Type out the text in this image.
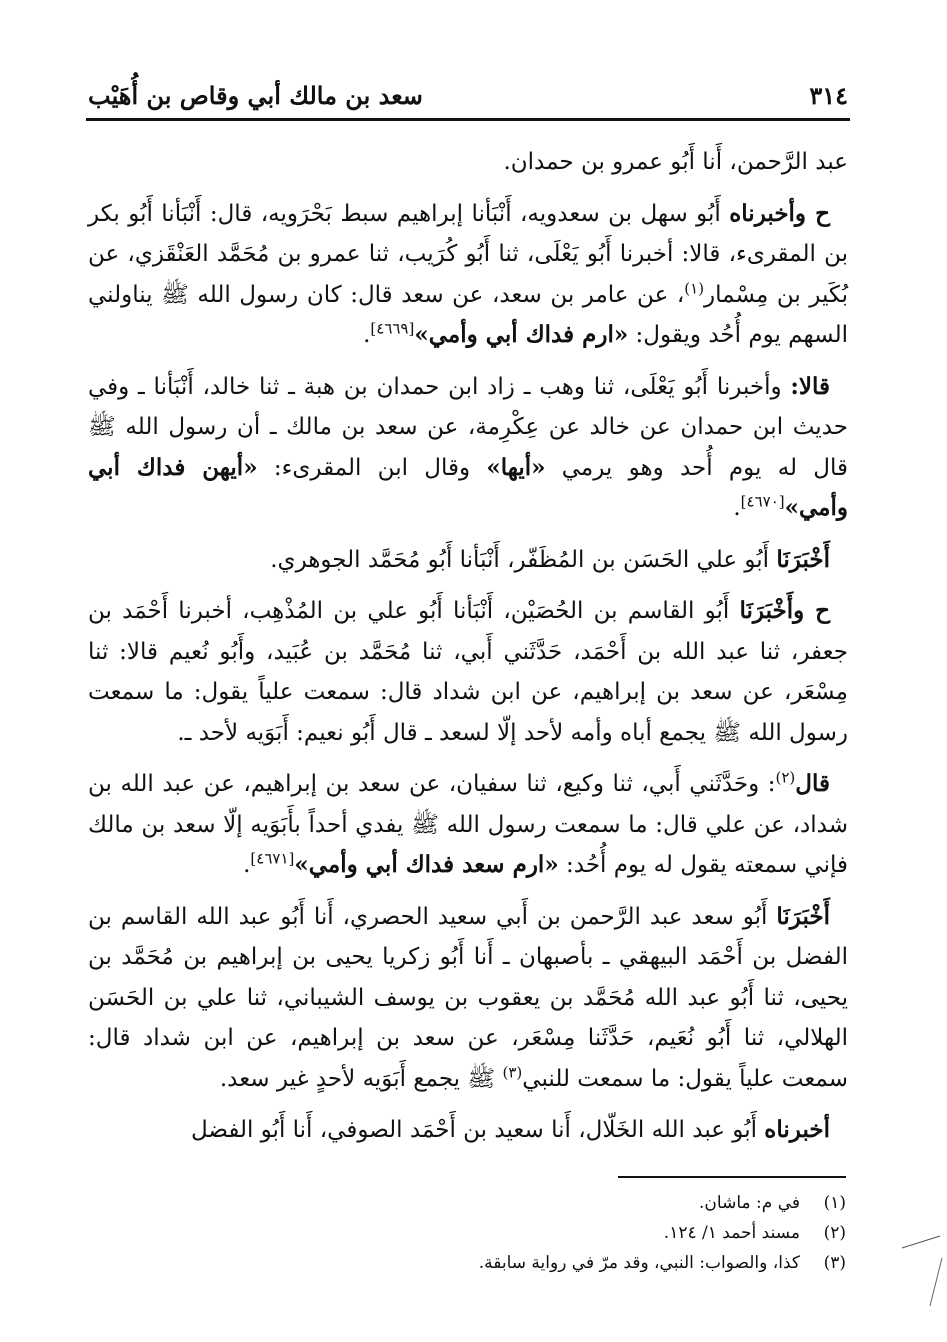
٣١٤
سعد بن مالك أبي وقاص بن أُهَيْب

عبد الرَّحمن، أَنا أَبُو عمرو بن حمدان.

ح وأخبرناه أَبُو سهل بن سعدويه، أَنْبَأنا إبراهيم سبط بَحْرَويه، قال: أَنْبَأنا أَبُو بكر بن المقرىء، قالا: أخبرنا أَبُو يَعْلَى، ثنا أَبُو كُرَيب، ثنا عمرو بن مُحَمَّد العَنْقَزي، عن بُكَير بن مِسْمار$^{(١)}$، عن عامر بن سعد، عن سعد قال: كان رسول الله ﷺ يناولني السهم يوم أُحُد ويقول: «ارم فداك أبي وأمي»[٤٦٦٩].

قالا: وأخبرنا أَبُو يَعْلَى، ثنا وهب ـ زاد ابن حمدان بن هبة ـ ثنا خالد، أَنْبَأنا ـ وفي حديث ابن حمدان عن خالد عن عِكْرِمة، عن سعد بن مالك ـ أن رسول الله ﷺ قال له يوم أُحد وهو يرمي «أيها» وقال ابن المقرىء: «أيهن فداك أبي وأمي»[٤٦٧٠].

أَخْبَرَنَا أَبُو علي الحَسَن بن المُظَفّر، أَنْبَأنا أَبُو مُحَمَّد الجوهري.

ح وأَخْبَرَنَا أَبُو القاسم بن الحُصَيْن، أَنْبَأنا أَبُو علي بن المُذْهِب، أخبرنا أَحْمَد بن جعفر، ثنا عبد الله بن أَحْمَد، حَدَّثَني أَبي، ثنا مُحَمَّد بن عُبَيد، وأَبُو نُعيم قالا: ثنا مِسْعَر، عن سعد بن إبراهيم، عن ابن شداد قال: سمعت علياً يقول: ما سمعت رسول الله ﷺ يجمع أباه وأمه لأحد إلّا لسعد ـ قال أَبُو نعيم: أَبَوَيه لأحد ـ.

قال$^{(٢)}$: وحَدَّثَني أَبي، ثنا وكيع، ثنا سفيان، عن سعد بن إبراهيم، عن عبد الله بن شداد، عن علي قال: ما سمعت رسول الله ﷺ يفدي أحداً بأَبَوَيه إلّا سعد بن مالك فإني سمعته يقول له يوم أُحُد: «ارم سعد فداك أبي وأمي»[٤٦٧١].

أَخْبَرَنَا أَبُو سعد عبد الرَّحمن بن أَبي سعيد الحصري، أَنا أَبُو عبد الله القاسم بن الفضل بن أَحْمَد البيهقي ـ بأصبهان ـ أَنا أَبُو زكريا يحيى بن إبراهيم بن مُحَمَّد بن يحيى، ثنا أَبُو عبد الله مُحَمَّد بن يعقوب بن يوسف الشيباني، ثنا علي بن الحَسَن الهلالي، ثنا أَبُو نُعَيم، حَدَّثَنا مِسْعَر، عن سعد بن إبراهيم، عن ابن شداد قال: سمعت علياً يقول: ما سمعت للنبي$^{(٣)}$ ﷺ يجمع أَبَوَيه لأحدٍ غير سعد.

أخبرناه أَبُو عبد الله الخَلّال، أَنا سعيد بن أَحْمَد الصوفي، أَنا أَبُو الفضل

(١)
في م: ماشان.
(٢)
مسند أحمد ١/ ١٢٤.
(٣)
كذا، والصواب: النبي، وقد مرّ في رواية سابقة.
